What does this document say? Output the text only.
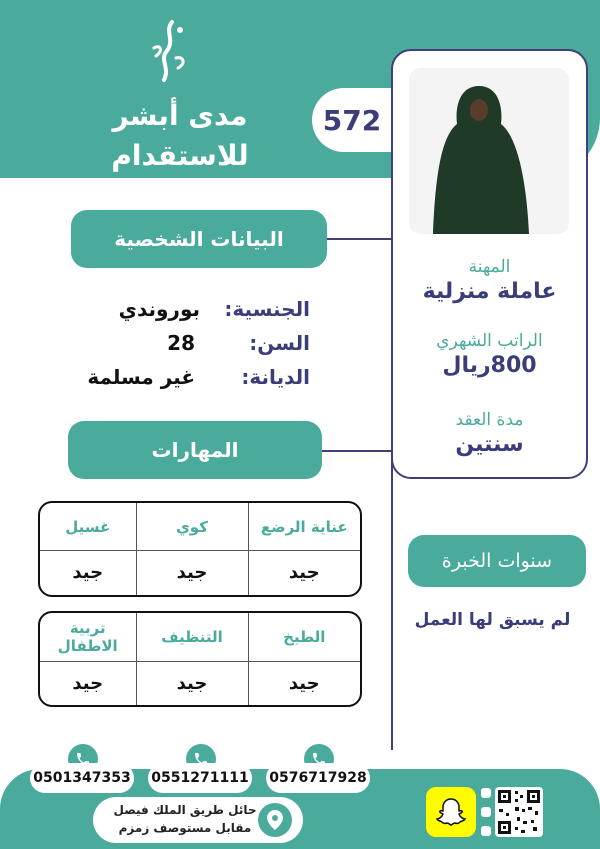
مدى أبشر
للاستقدام
572
المهنة
عاملة منزلية
الراتب الشهري
800ريال
مدة العقد
سنتين
البيانات الشخصية
الجنسية:
بوروندي
السن:
28
الديانة:
غير مسلمة
المهارات
عناية الرضع	كوي	غسيل
جيد	جيد	جيد
الطبخ	التنظيف	تربية الاطفال
جيد	جيد	جيد
سنوات الخبرة
لم يسبق لها العمل
0576717928
0551271111
0501347353
حائل طريق الملك فيصل
مقابل مستوصف زمزم
